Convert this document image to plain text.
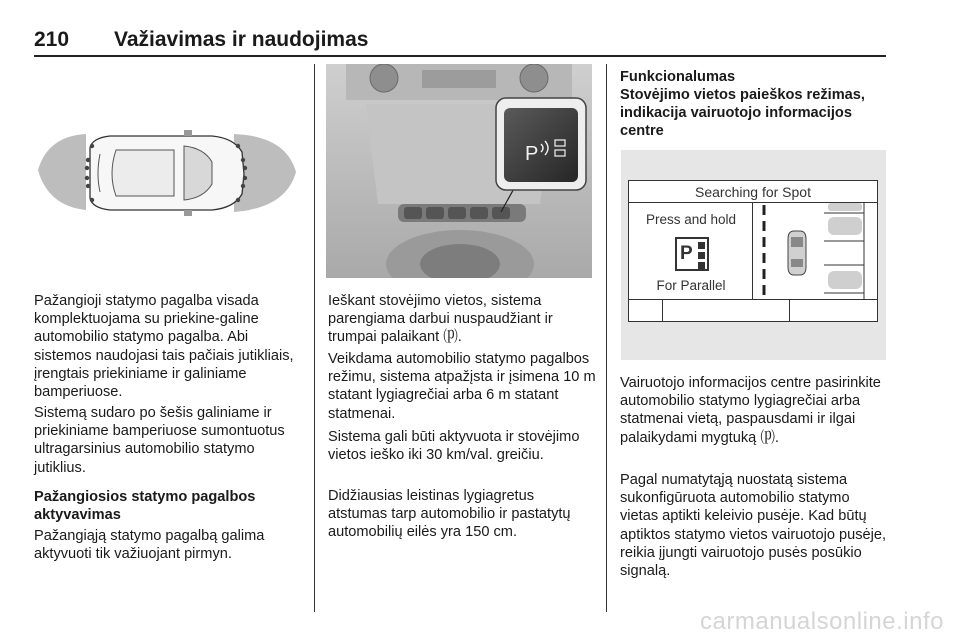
210 Važiavimas ir naudojimas
Pažangioji statymo pagalba visada komplektuojama su priekine-galine automobilio statymo pagalba. Abi sistemos naudojasi tais pačiais jutikliais, įrengtais priekiniame ir galiniame bamperiuose.
Sistemą sudaro po šešis galiniame ir priekiniame bamperiuose sumontuotus ultragarsinius automobilio statymo jutiklius.
Pažangiosios statymo pagalbos aktyvavimas
Pažangiąją statymo pagalbą galima aktyvuoti tik važiuojant pirmyn.
P
Ieškant stovėjimo vietos, sistema parengiama darbui nuspaudžiant ir trumpai palaikant ⒫.
Veikdama automobilio statymo pagalbos režimu, sistema atpažįsta ir įsimena 10 m statant lygiagrečiai arba 6 m statant statmenai.
Sistema gali būti aktyvuota ir stovėjimo vietos ieško iki 30 km/val. greičiu.
Didžiausias leistinas lygiagretus atstumas tarp automobilio ir pastatytų automobilių eilės yra 150 cm.
Funkcionalumas
Stovėjimo vietos paieškos režimas, indikacija vairuotojo informacijos centre
Searching for Spot
Press and hold
P
For Parallel
Vairuotojo informacijos centre pasirinkite automobilio statymo lygiagrečiai arba statmenai vietą, paspausdami ir ilgai palaikydami mygtuką ⒫.
Pagal numatytąją nuostatą sistema sukonfigūruota automobilio statymo vietas aptikti keleivio pusėje. Kad būtų aptiktos statymo vietos vairuotojo pusėje, reikia įjungti vairuotojo pusės posūkio signalą.
carmanualsonline.info
